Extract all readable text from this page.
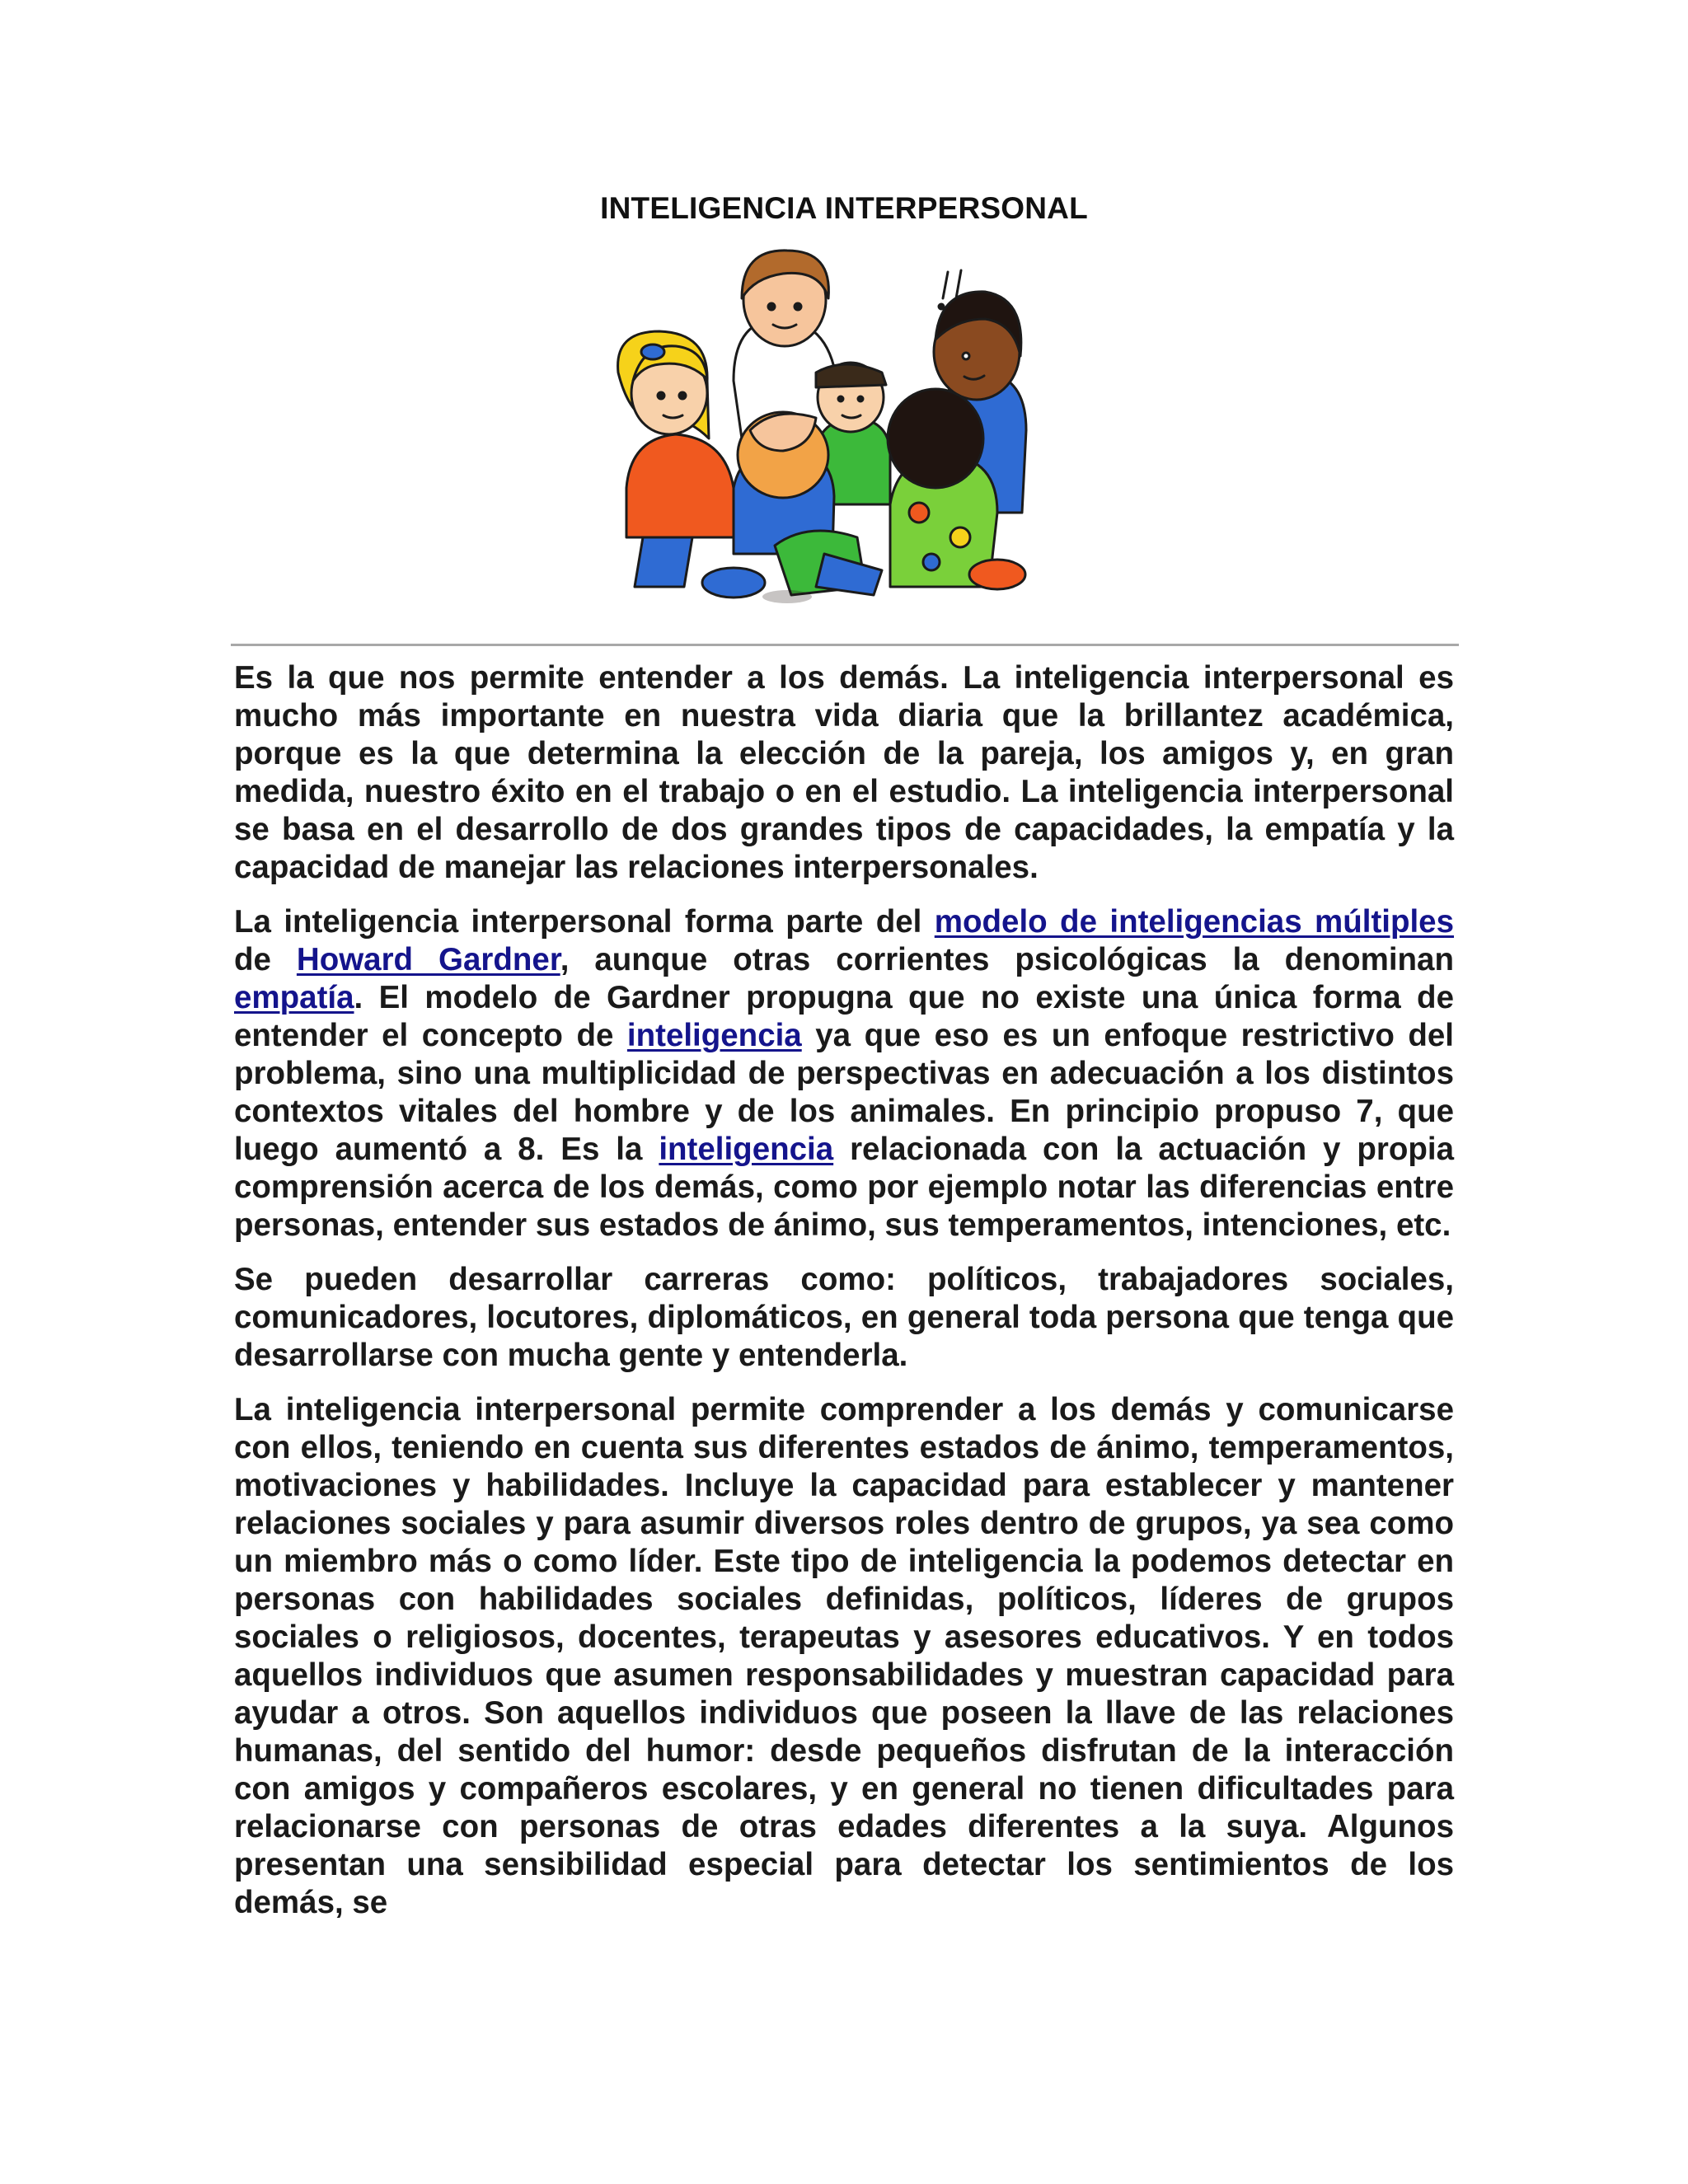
INTELIGENCIA INTERPERSONAL

Es la que nos permite entender a los demás. La inteligencia interpersonal es mucho más importante en nuestra vida diaria que la brillantez académica, porque es la que determina la elección de la pareja, los amigos y, en gran medida, nuestro éxito en el trabajo o en el estudio. La inteligencia interpersonal se basa en el desarrollo de dos grandes tipos de capacidades, la empatía y la capacidad de manejar las relaciones interpersonales.

La inteligencia interpersonal forma parte del modelo de inteligencias múltiples de Howard Gardner, aunque otras corrientes psicológicas la denominan empatía. El modelo de Gardner propugna que no existe una única forma de entender el concepto de inteligencia ya que eso es un enfoque restrictivo del problema, sino una multiplicidad de perspectivas en adecuación a los distintos contextos vitales del hombre y de los animales. En principio propuso 7, que luego aumentó a 8. Es la inteligencia relacionada con la actuación y propia comprensión acerca de los demás, como por ejemplo notar las diferencias entre personas, entender sus estados de ánimo, sus temperamentos, intenciones, etc.

Se pueden desarrollar carreras como: políticos, trabajadores sociales, comunicadores, locutores, diplomáticos, en general toda persona que tenga que desarrollarse con mucha gente y entenderla.

La inteligencia interpersonal permite comprender a los demás y comunicarse con ellos, teniendo en cuenta sus diferentes estados de ánimo, temperamentos, motivaciones y habilidades. Incluye la capacidad para establecer y mantener relaciones sociales y para asumir diversos roles dentro de grupos, ya sea como un miembro más o como líder. Este tipo de inteligencia la podemos detectar en personas con habilidades sociales definidas, políticos, líderes de grupos sociales o religiosos, docentes, terapeutas y asesores educativos. Y en todos aquellos individuos que asumen responsabilidades y muestran capacidad para ayudar a otros. Son aquellos individuos que poseen la llave de las relaciones humanas, del sentido del humor: desde pequeños disfrutan de la interacción con amigos y compañeros escolares, y en general no tienen dificultades para relacionarse con personas de otras edades diferentes a la suya. Algunos presentan una sensibilidad especial para detectar los sentimientos de los demás, se
